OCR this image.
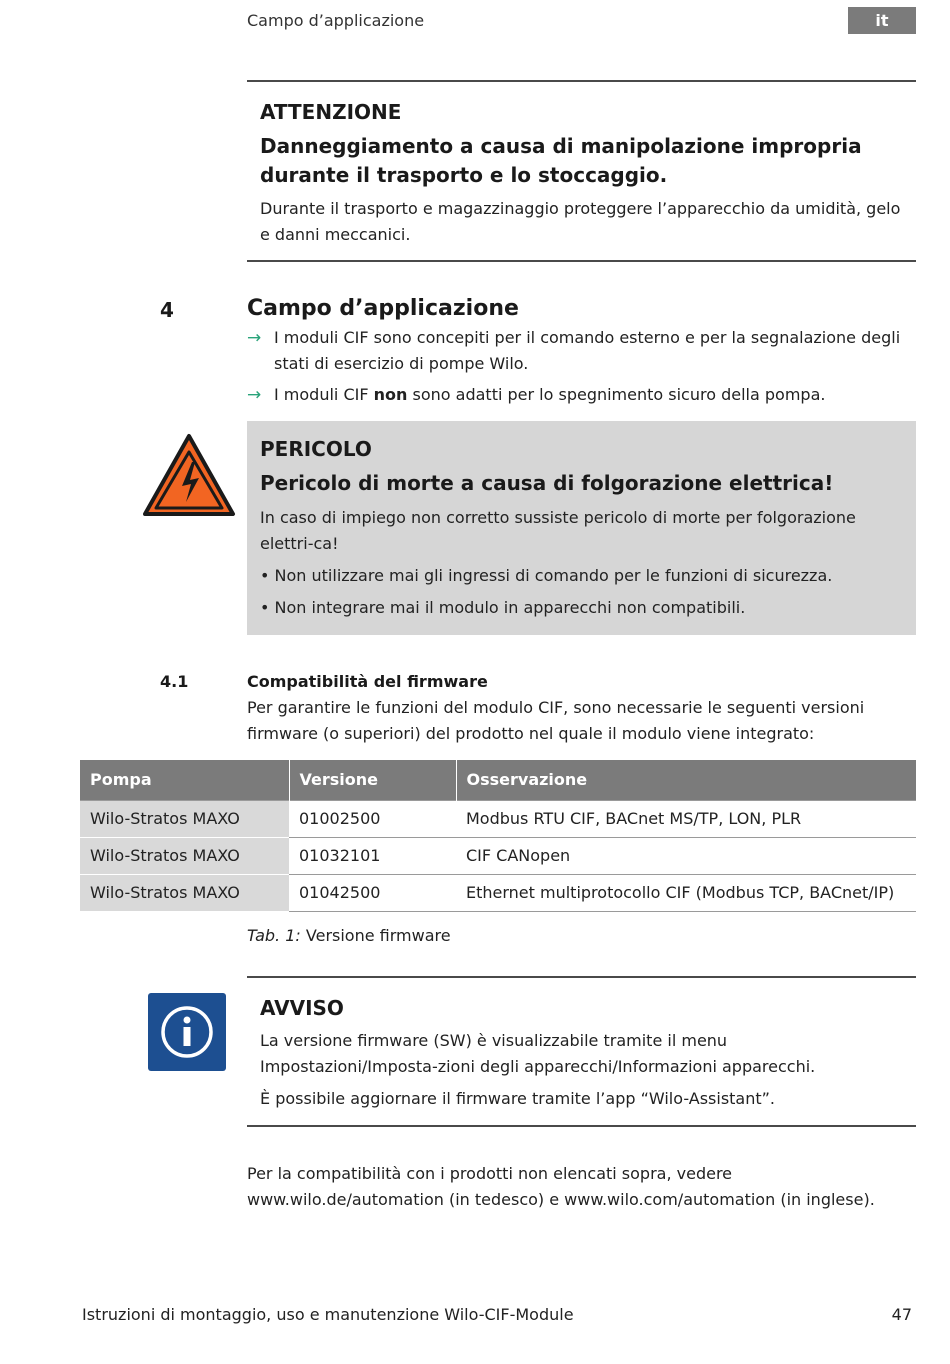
Campo d’applicazione	it
ATTENZIONE
Danneggiamento a causa di manipolazione impropria durante il trasporto e lo stoccaggio.
Durante il trasporto e magazzinaggio proteggere l’apparecchio da umidità, gelo e danni meccanici.
4	Campo d’applicazione
→ I moduli CIF sono concepiti per il comando esterno e per la segnalazione degli stati di esercizio di pompe Wilo.
→ I moduli CIF non sono adatti per lo spegnimento sicuro della pompa.
PERICOLO
Pericolo di morte a causa di folgorazione elettrica!
In caso di impiego non corretto sussiste pericolo di morte per folgorazione elettri-ca!
• Non utilizzare mai gli ingressi di comando per le funzioni di sicurezza.
• Non integrare mai il modulo in apparecchi non compatibili.
4.1	Compatibilità del firmware
Per garantire le funzioni del modulo CIF, sono necessarie le seguenti versioni firmware (o superiori) del prodotto nel quale il modulo viene integrato:
Pompa	Versione	Osservazione
Wilo-Stratos MAXO	01002500	Modbus RTU CIF, BACnet MS/TP, LON, PLR
Wilo-Stratos MAXO	01032101	CIF CANopen
Wilo-Stratos MAXO	01042500	Ethernet multiprotocollo CIF (Modbus TCP, BACnet/IP)
Tab. 1: Versione firmware
AVVISO
La versione firmware (SW) è visualizzabile tramite il menu Impostazioni/Imposta-zioni degli apparecchi/Informazioni apparecchi.
È possibile aggiornare il firmware tramite l’app “Wilo-Assistant”.
Per la compatibilità con i prodotti non elencati sopra, vedere www.wilo.de/automation (in tedesco) e www.wilo.com/automation (in inglese).
Istruzioni di montaggio, uso e manutenzione Wilo-CIF-Module	47
